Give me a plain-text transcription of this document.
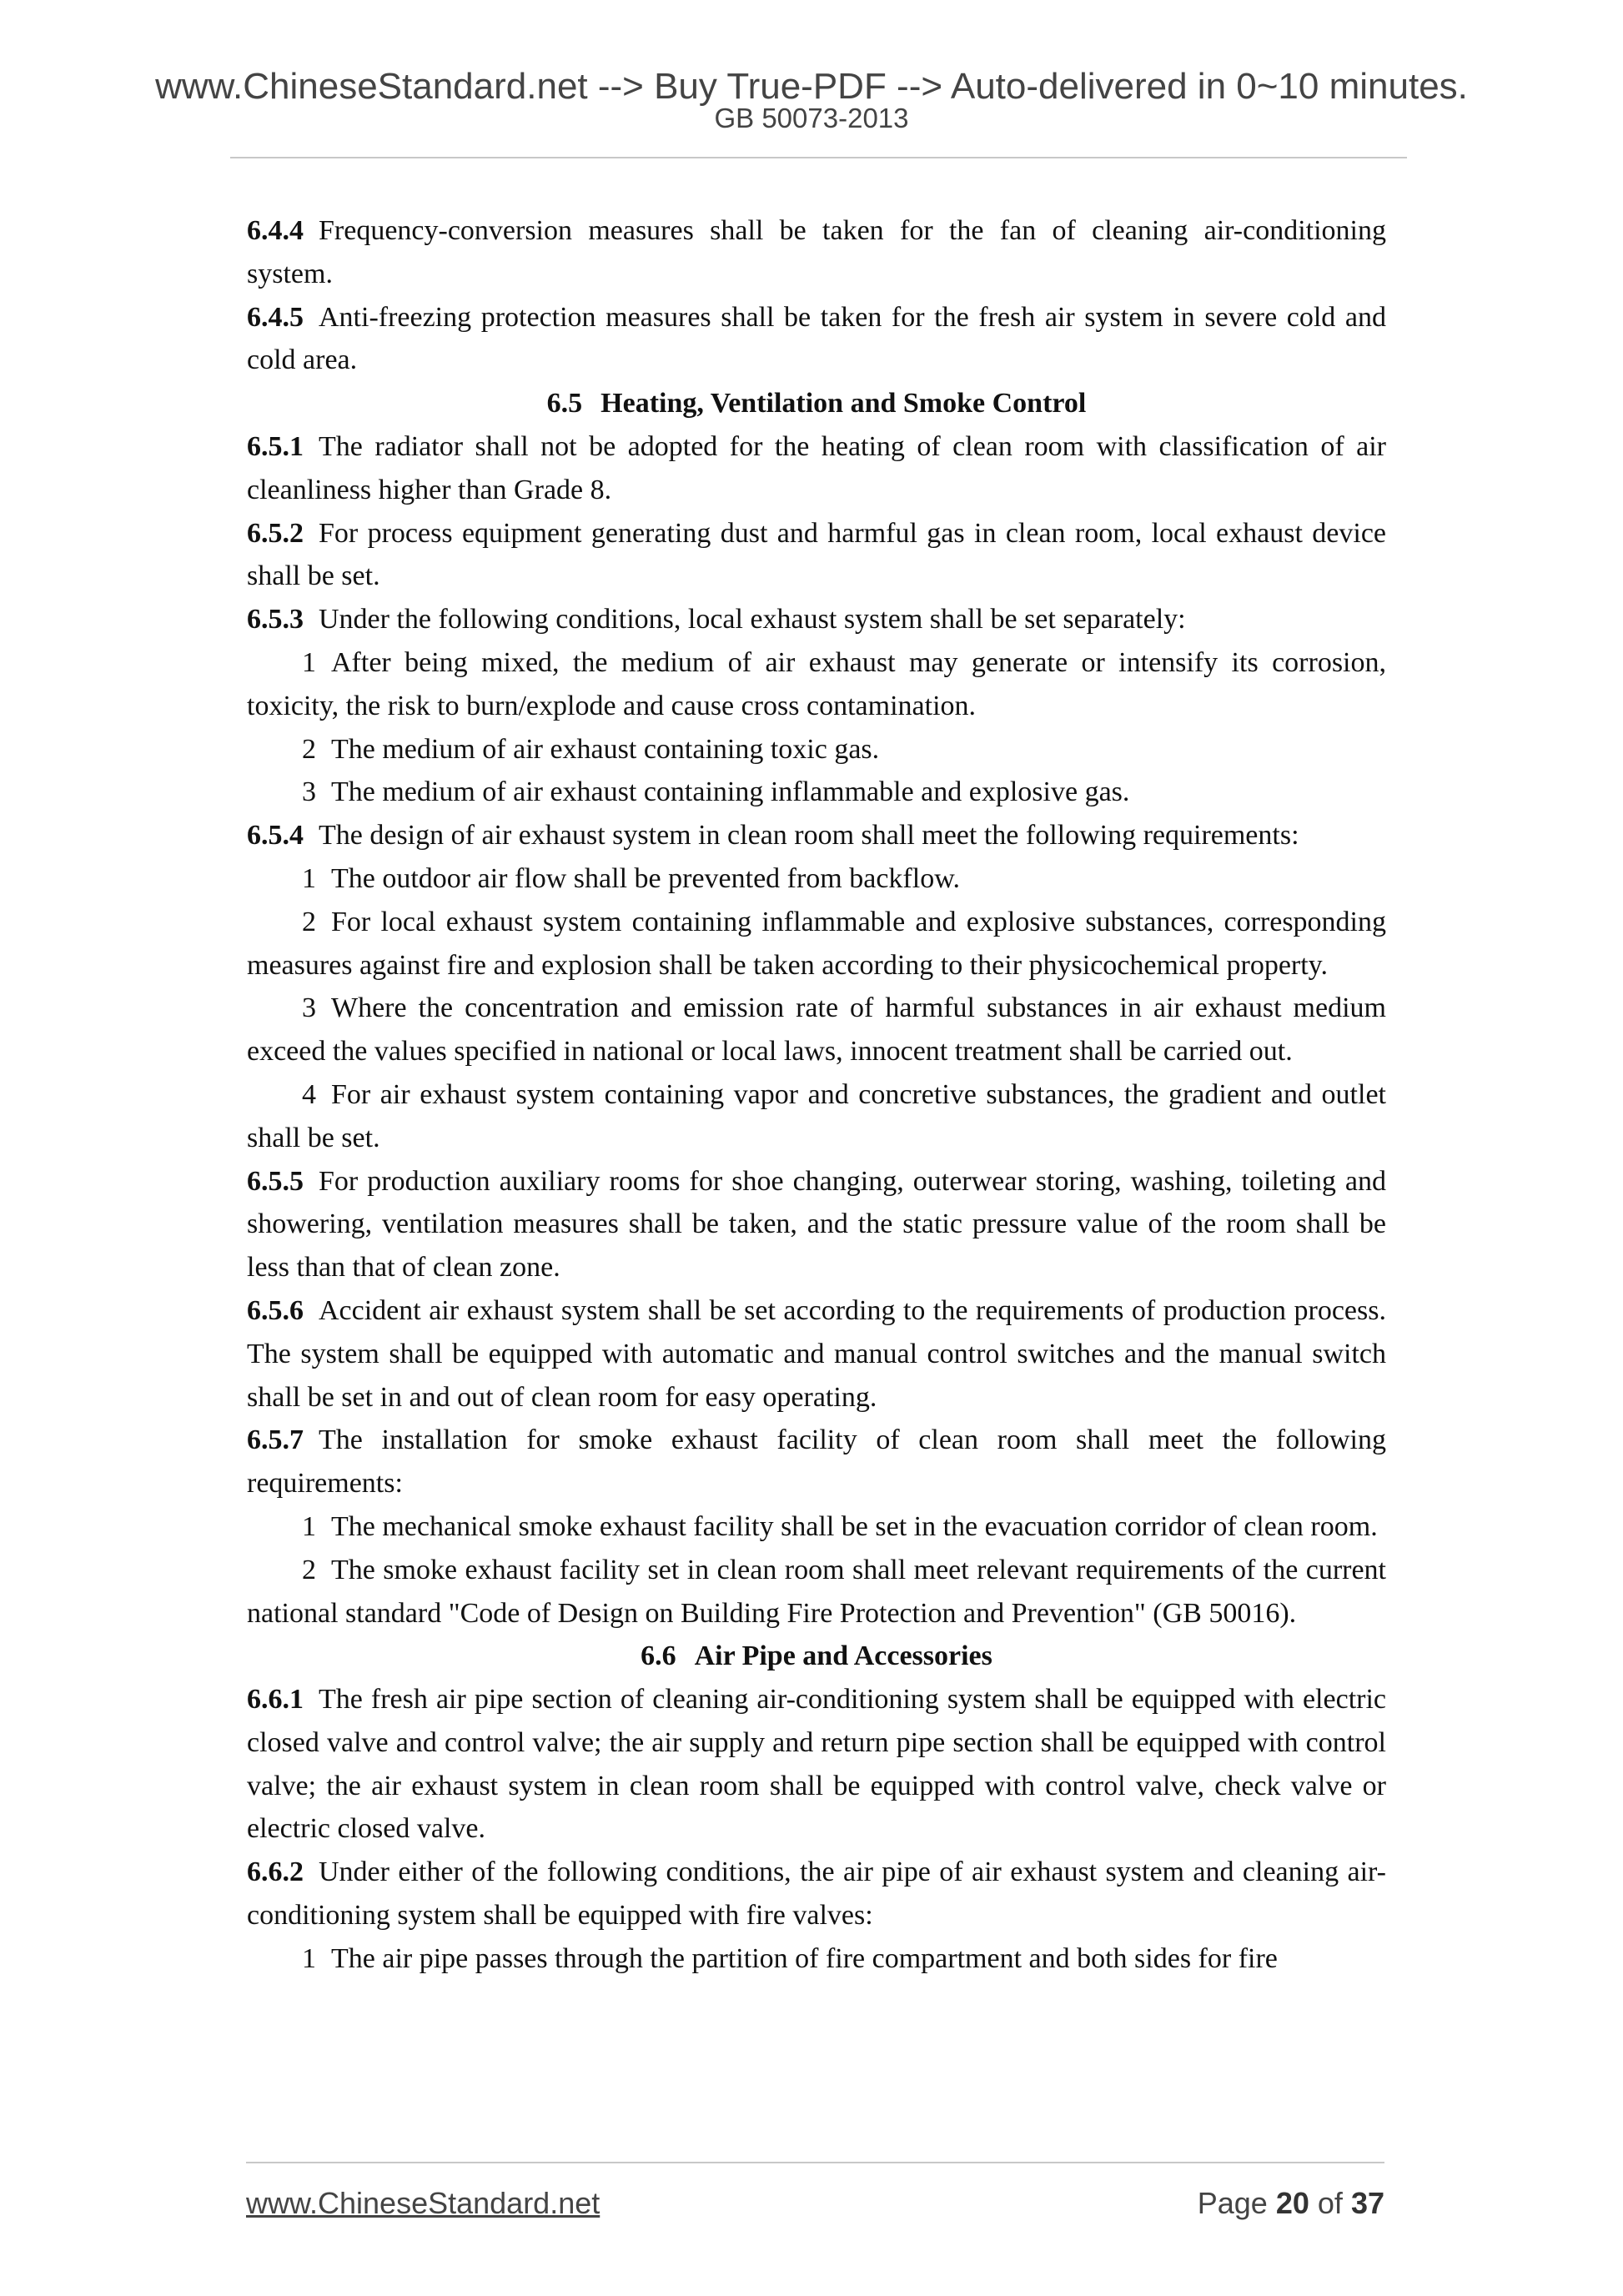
www.ChineseStandard.net --> Buy True-PDF --> Auto-delivered in 0~10 minutes.
GB 50073-2013

6.4.4 Frequency-conversion measures shall be taken for the fan of cleaning air-conditioning system.

6.4.5 Anti-freezing protection measures shall be taken for the fresh air system in severe cold and cold area.

6.5 Heating, Ventilation and Smoke Control

6.5.1 The radiator shall not be adopted for the heating of clean room with classification of air cleanliness higher than Grade 8.

6.5.2 For process equipment generating dust and harmful gas in clean room, local exhaust device shall be set.

6.5.3 Under the following conditions, local exhaust system shall be set separately:

1 After being mixed, the medium of air exhaust may generate or intensify its corrosion, toxicity, the risk to burn/explode and cause cross contamination.

2 The medium of air exhaust containing toxic gas.

3 The medium of air exhaust containing inflammable and explosive gas.

6.5.4 The design of air exhaust system in clean room shall meet the following requirements:

1 The outdoor air flow shall be prevented from backflow.

2 For local exhaust system containing inflammable and explosive substances, corresponding measures against fire and explosion shall be taken according to their physicochemical property.

3 Where the concentration and emission rate of harmful substances in air exhaust medium exceed the values specified in national or local laws, innocent treatment shall be carried out.

4 For air exhaust system containing vapor and concretive substances, the gradient and outlet shall be set.

6.5.5 For production auxiliary rooms for shoe changing, outerwear storing, washing, toileting and showering, ventilation measures shall be taken, and the static pressure value of the room shall be less than that of clean zone.

6.5.6 Accident air exhaust system shall be set according to the requirements of production process. The system shall be equipped with automatic and manual control switches and the manual switch shall be set in and out of clean room for easy operating.

6.5.7 The installation for smoke exhaust facility of clean room shall meet the following requirements:

1 The mechanical smoke exhaust facility shall be set in the evacuation corridor of clean room.

2 The smoke exhaust facility set in clean room shall meet relevant requirements of the current national standard "Code of Design on Building Fire Protection and Prevention" (GB 50016).

6.6 Air Pipe and Accessories

6.6.1 The fresh air pipe section of cleaning air-conditioning system shall be equipped with electric closed valve and control valve; the air supply and return pipe section shall be equipped with control valve; the air exhaust system in clean room shall be equipped with control valve, check valve or electric closed valve.

6.6.2 Under either of the following conditions, the air pipe of air exhaust system and cleaning air-conditioning system shall be equipped with fire valves:

1 The air pipe passes through the partition of fire compartment and both sides for fire

www.ChineseStandard.net	Page 20 of 37
